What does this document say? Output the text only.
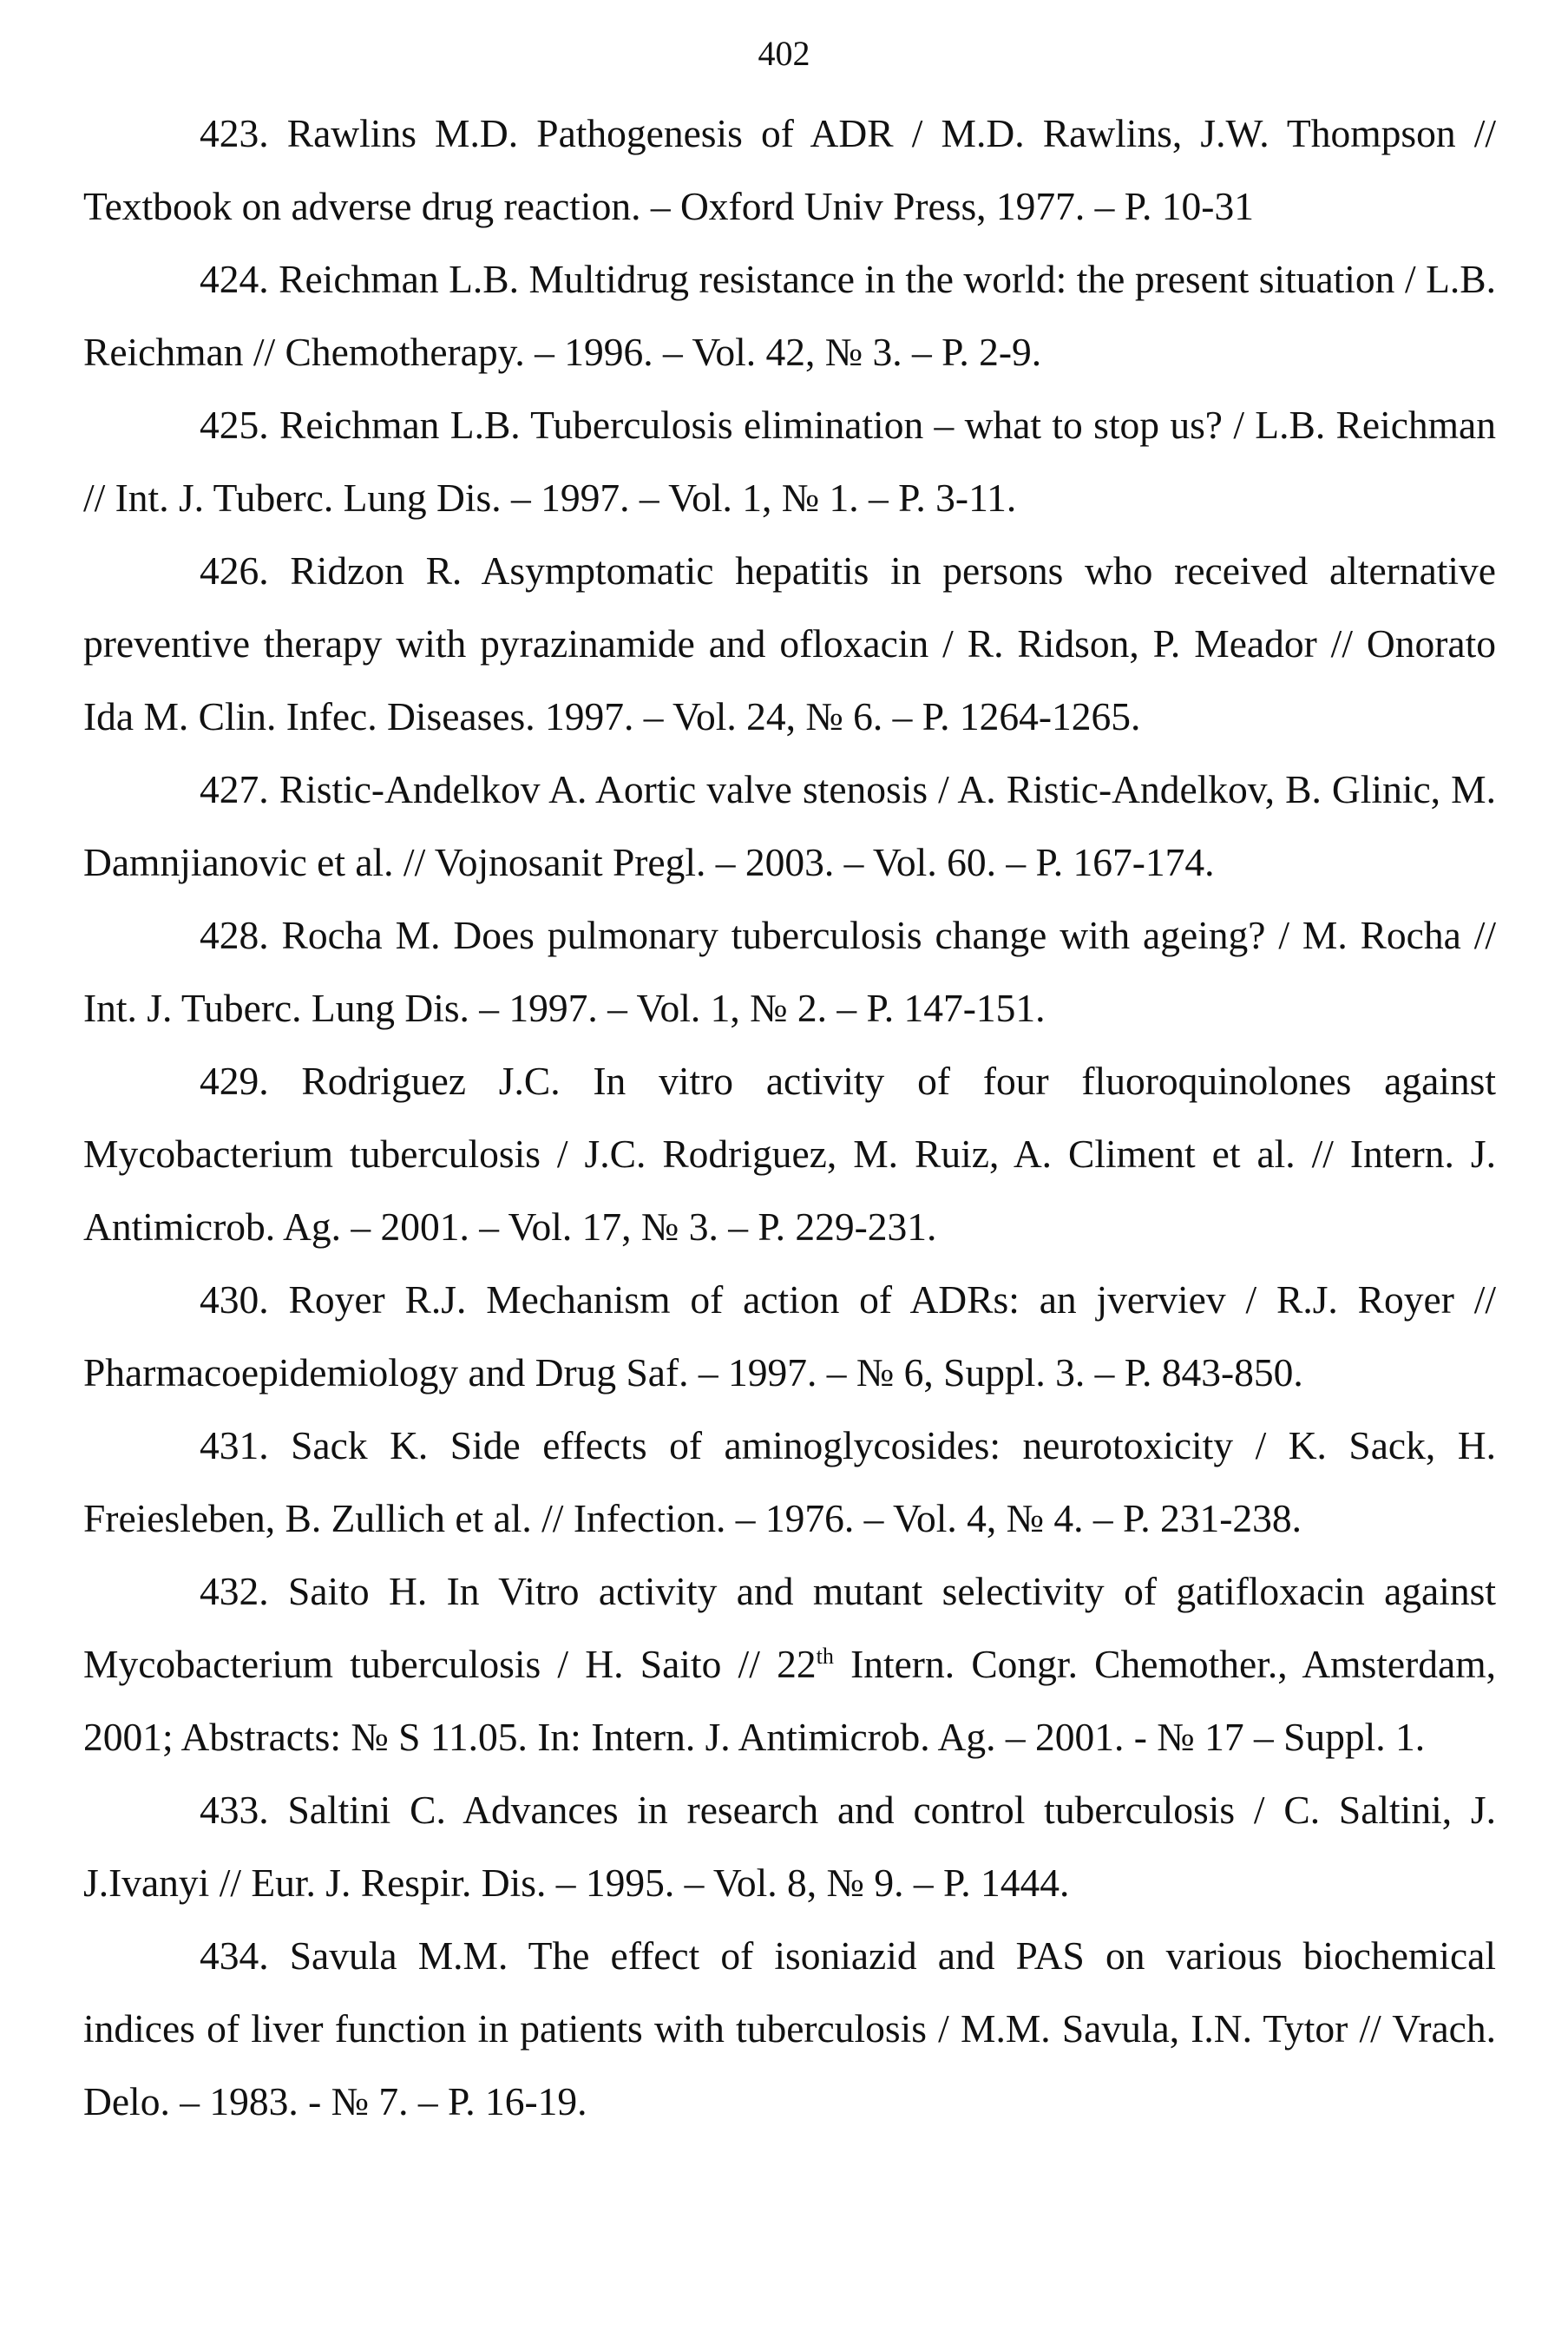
402
423. Rawlins M.D. Pathogenesis of ADR / M.D. Rawlins, J.W. Thompson // Textbook on adverse drug reaction. – Oxford Univ Press, 1977. – P. 10-31
424. Reichman L.B. Multidrug resistance in the world: the present situation / L.B. Reichman // Chemotherapy. – 1996. – Vol. 42, № 3. – P. 2-9.
425. Reichman L.B. Tuberculosis elimination – what to stop us? / L.B. Reichman // Int. J. Tuberc. Lung Dis. – 1997. – Vol. 1, № 1. – P. 3-11.
426. Ridzon R. Asymptomatic hepatitis in persons who received alternative preventive therapy with pyrazinamide and ofloxacin / R. Ridson, P. Meador // Onorato Ida M. Clin. Infec. Diseases. 1997. – Vol. 24, № 6. – P. 1264-1265.
427. Ristic-Andelkov A. Aortic valve stenosis / A. Ristic-Andelkov, B. Glinic, M. Damnjianovic et al. // Vojnosanit Pregl. – 2003. – Vol. 60. – P. 167-174.
428. Rocha M. Does pulmonary tuberculosis change with ageing? / M. Rocha // Int. J. Tuberc. Lung Dis. – 1997. – Vol. 1, № 2. – P. 147-151.
429. Rodriguez J.C. In vitro activity of four fluoroquinolones against Mycobacterium tuberculosis / J.C. Rodriguez, M. Ruiz, A. Climent et al. // Intern. J. Antimicrob. Ag. – 2001. – Vol. 17, № 3. – P. 229-231.
430. Royer R.J. Mechanism of action of ADRs: an jverviev / R.J. Royer // Pharmacoepidemiology and Drug Saf. – 1997. – № 6, Suppl. 3. – P. 843-850.
431. Sack K. Side effects of aminoglycosides: neurotoxicity / K. Sack, H. Freiesleben, B. Zullich et al. // Infection. – 1976. – Vol. 4, № 4. – P. 231-238.
432. Saito H. In Vitro activity and mutant selectivity of gatifloxacin against Mycobacterium tuberculosis / H. Saito // 22th Intern. Congr. Chemother., Amsterdam, 2001; Abstracts: № S 11.05. In: Intern. J. Antimicrob. Ag. – 2001. - № 17 – Suppl. 1.
433. Saltini C. Advances in research and control tuberculosis / C. Saltini, J. J.Ivanyi // Eur. J. Respir. Dis. – 1995. – Vol. 8, № 9. – P. 1444.
434. Savula M.M. The effect of isoniazid and PAS on various biochemical indices of liver function in patients with tuberculosis / M.M. Savula, I.N. Tytor // Vrach. Delo. – 1983. - № 7. – P. 16-19.
